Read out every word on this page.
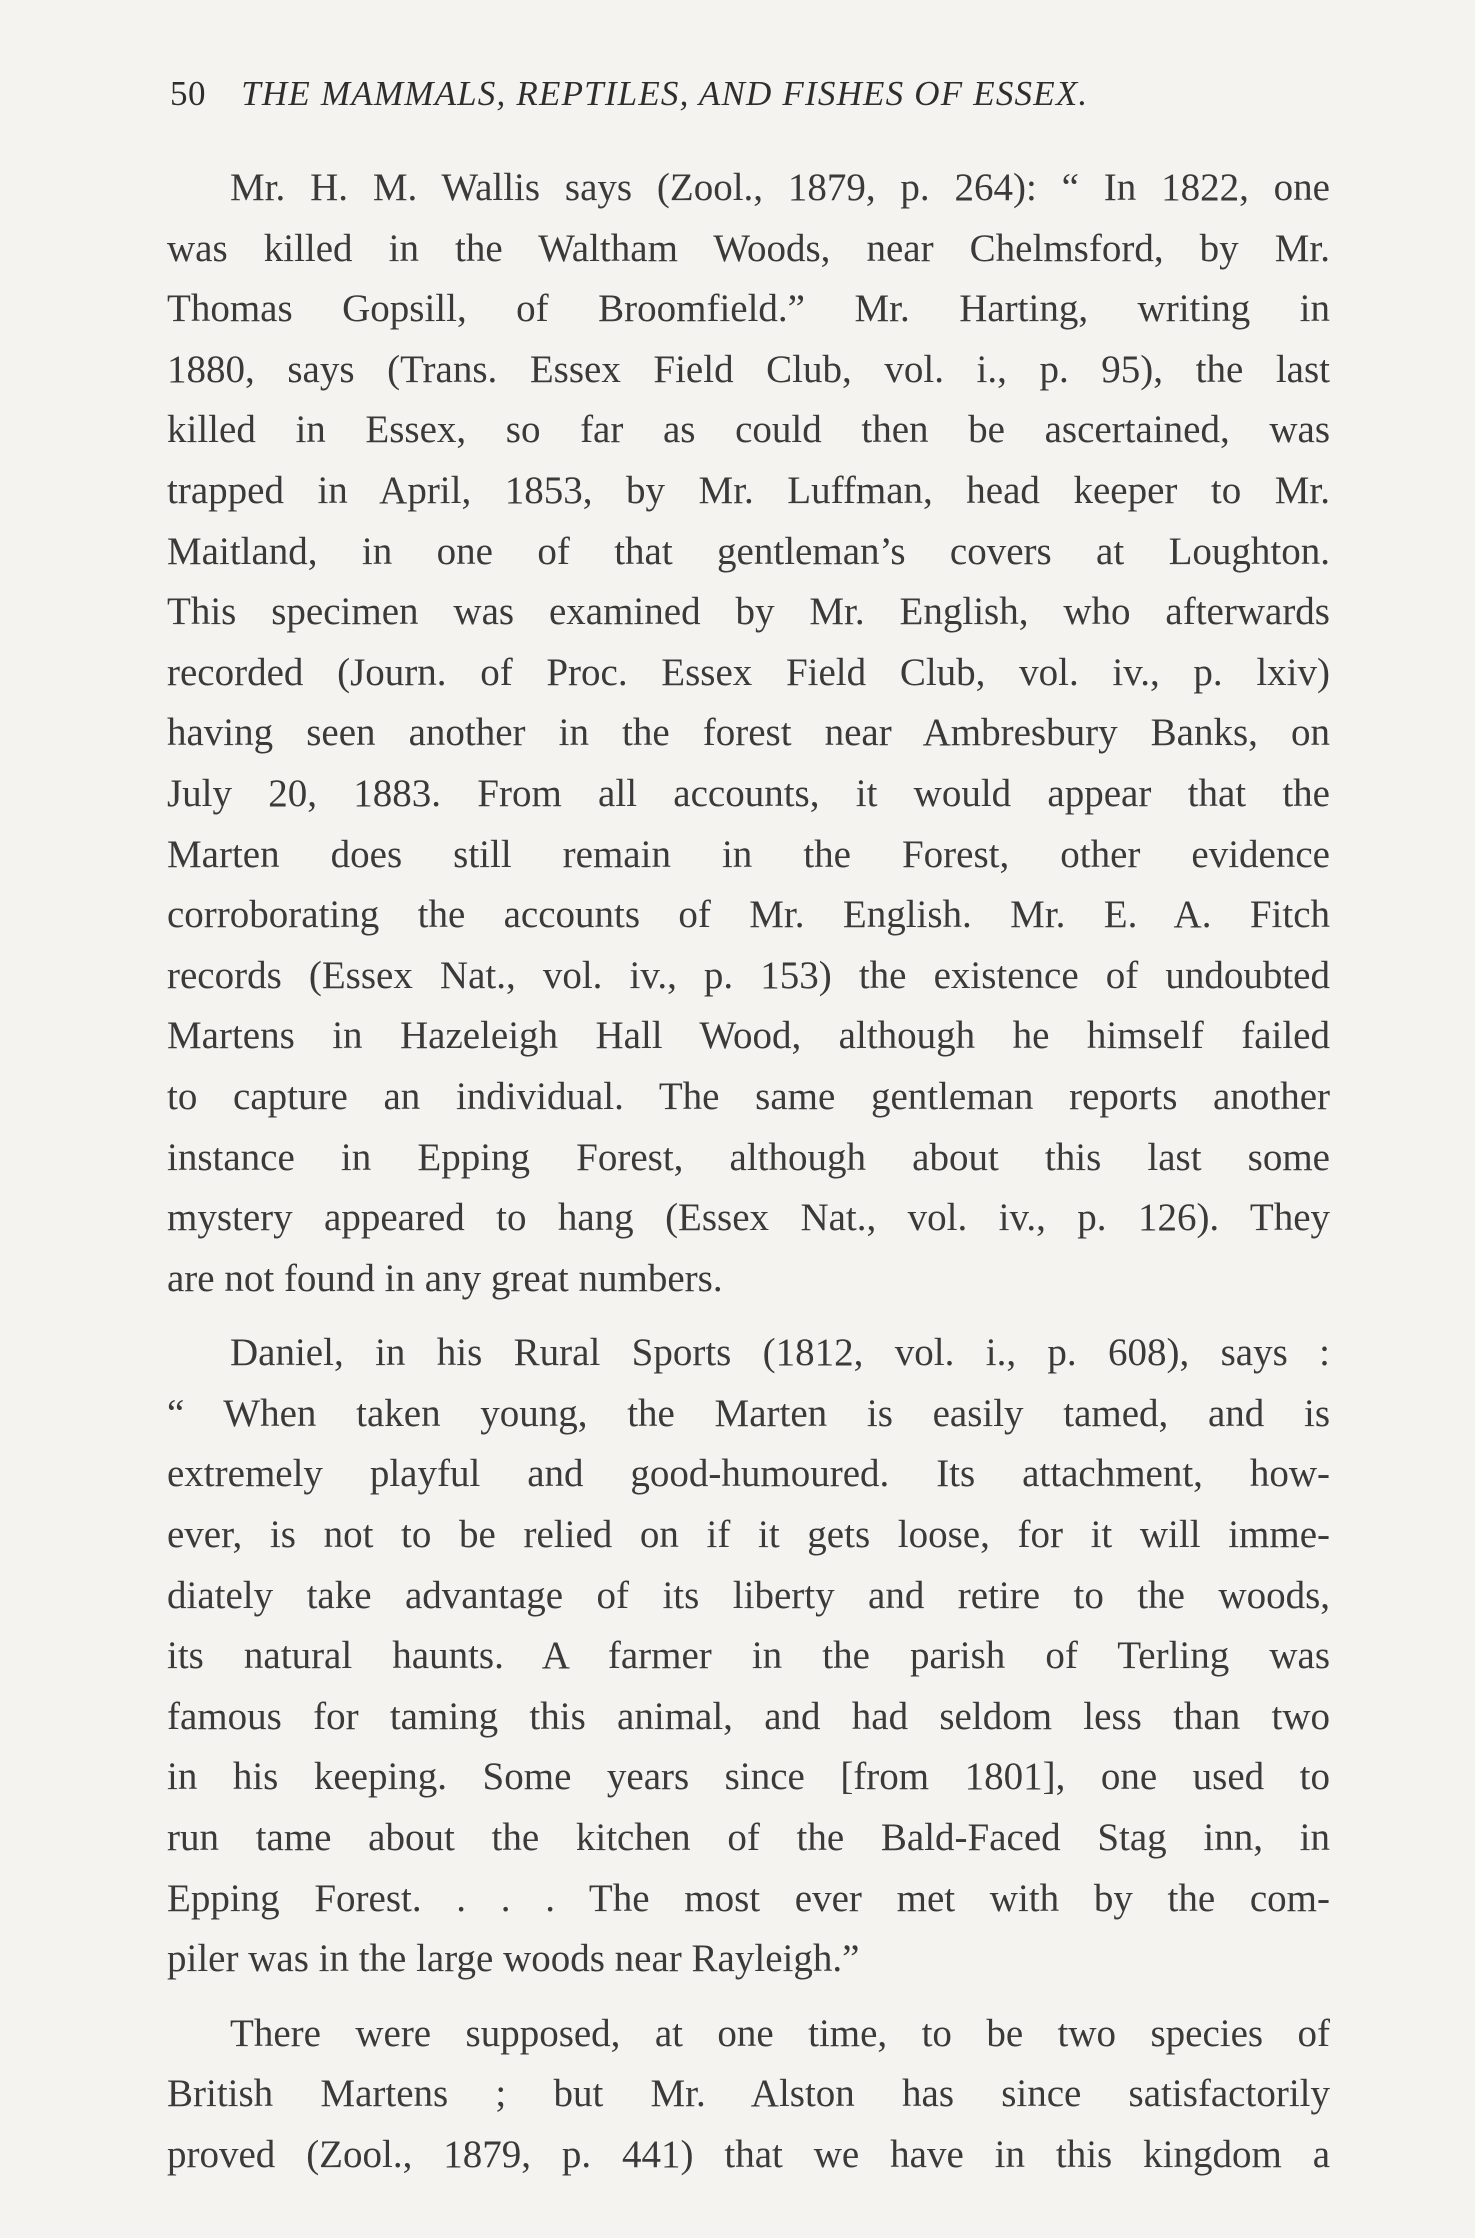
50 THE MAMMALS, REPTILES, AND FISHES OF ESSEX.
Mr. H. M. Wallis says (Zool., 1879, p. 264): “ In 1822, one
was killed in the Waltham Woods, near Chelmsford, by Mr.
Thomas Gopsill, of Broomfield.” Mr. Harting, writing in
1880, says (Trans. Essex Field Club, vol. i., p. 95), the last
killed in Essex, so far as could then be ascertained, was
trapped in April, 1853, by Mr. Luffman, head keeper to Mr.
Maitland, in one of that gentleman’s covers at Loughton.
This specimen was examined by Mr. English, who afterwards
recorded (Journ. of Proc. Essex Field Club, vol. iv., p. lxiv)
having seen another in the forest near Ambresbury Banks, on
July 20, 1883. From all accounts, it would appear that the
Marten does still remain in the Forest, other evidence
corroborating the accounts of Mr. English. Mr. E. A. Fitch
records (Essex Nat., vol. iv., p. 153) the existence of undoubted
Martens in Hazeleigh Hall Wood, although he himself failed
to capture an individual. The same gentleman reports another
instance in Epping Forest, although about this last some
mystery appeared to hang (Essex Nat., vol. iv., p. 126). They
are not found in any great numbers.
Daniel, in his Rural Sports (1812, vol. i., p. 608), says :
“ When taken young, the Marten is easily tamed, and is
extremely playful and good-humoured. Its attachment, how-
ever, is not to be relied on if it gets loose, for it will imme-
diately take advantage of its liberty and retire to the woods,
its natural haunts. A farmer in the parish of Terling was
famous for taming this animal, and had seldom less than two
in his keeping. Some years since [from 1801], one used to
run tame about the kitchen of the Bald-Faced Stag inn, in
Epping Forest. . . . The most ever met with by the com-
piler was in the large woods near Rayleigh.”
There were supposed, at one time, to be two species of
British Martens ; but Mr. Alston has since satisfactorily
proved (Zool., 1879, p. 441) that we have in this kingdom a
